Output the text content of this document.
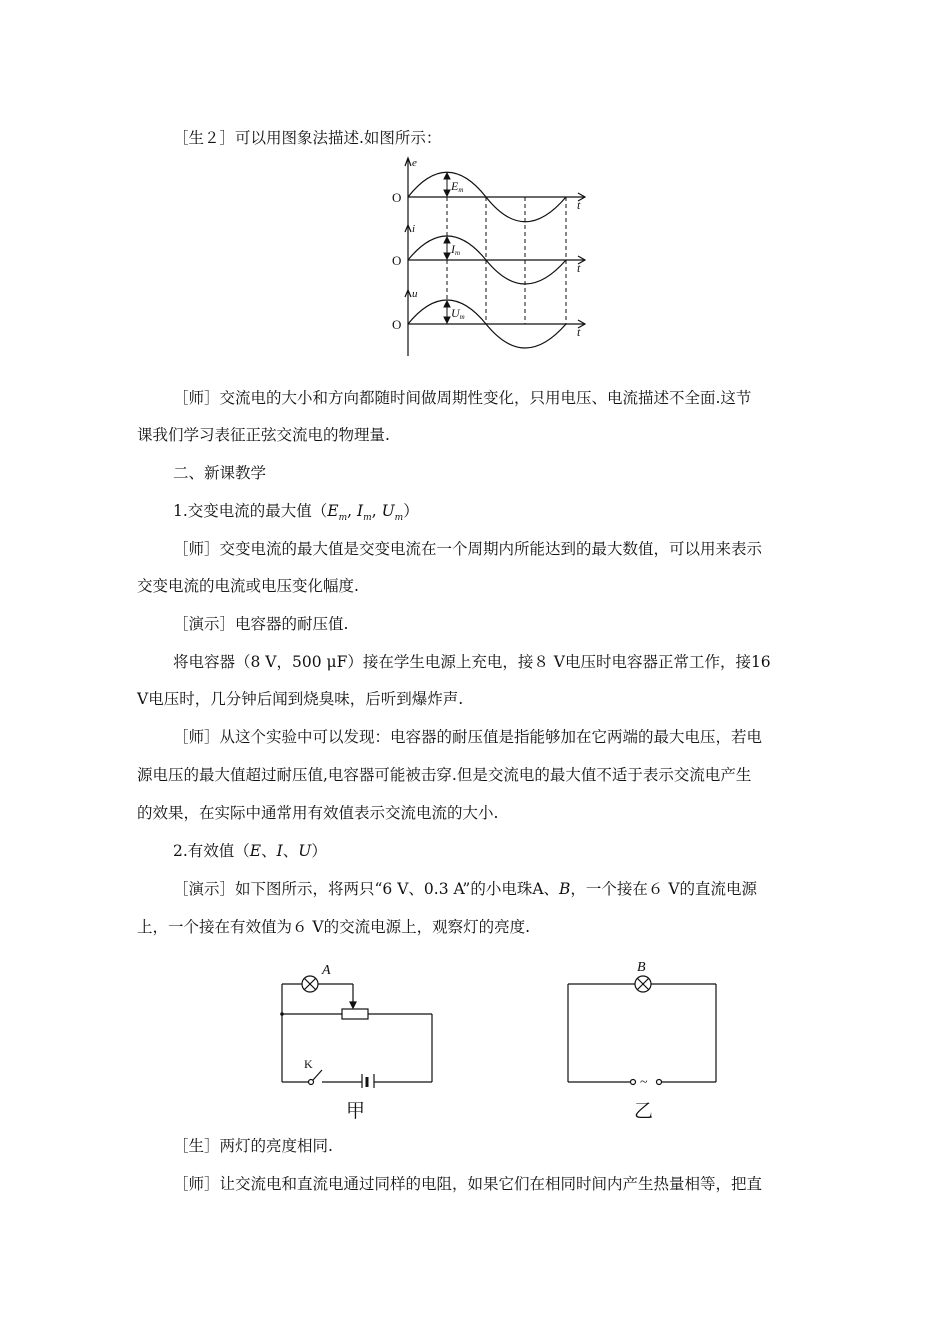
［生２］可以用图象法描述.如图所示：
O
O
O
t
t
t
e
i
u
Em
Im
Um
［师］交流电的大小和方向都随时间做周期性变化，只用电压、电流描述不全面.这节
课我们学习表征正弦交流电的物理量.
二、新课教学
1.交变电流的最大值（$E_m$, $I_m$, $U_m$）
［师］交变电流的最大值是交变电流在一个周期内所能达到的最大数值，可以用来表示
交变电流的电流或电压变化幅度.
［演示］电容器的耐压值.
将电容器（8 V，500 μF）接在学生电源上充电，接８ V电压时电容器正常工作，接16
V电压时，几分钟后闻到烧臭味，后听到爆炸声.
［师］从这个实验中可以发现：电容器的耐压值是指能够加在它两端的最大电压，若电
源电压的最大值超过耐压值,电容器可能被击穿.但是交流电的最大值不适于表示交流电产生
的效果，在实际中通常用有效值表示交流电流的大小.
2.有效值（E、I、U）
［演示］如下图所示，将两只“6 V、0.3 A”的小电珠A、B，一个接在６ V的直流电源
上，一个接在有效值为６ V的交流电源上，观察灯的亮度.
A
K
甲
B
~
乙
［生］两灯的亮度相同.
［师］让交流电和直流电通过同样的电阻，如果它们在相同时间内产生热量相等，把直
